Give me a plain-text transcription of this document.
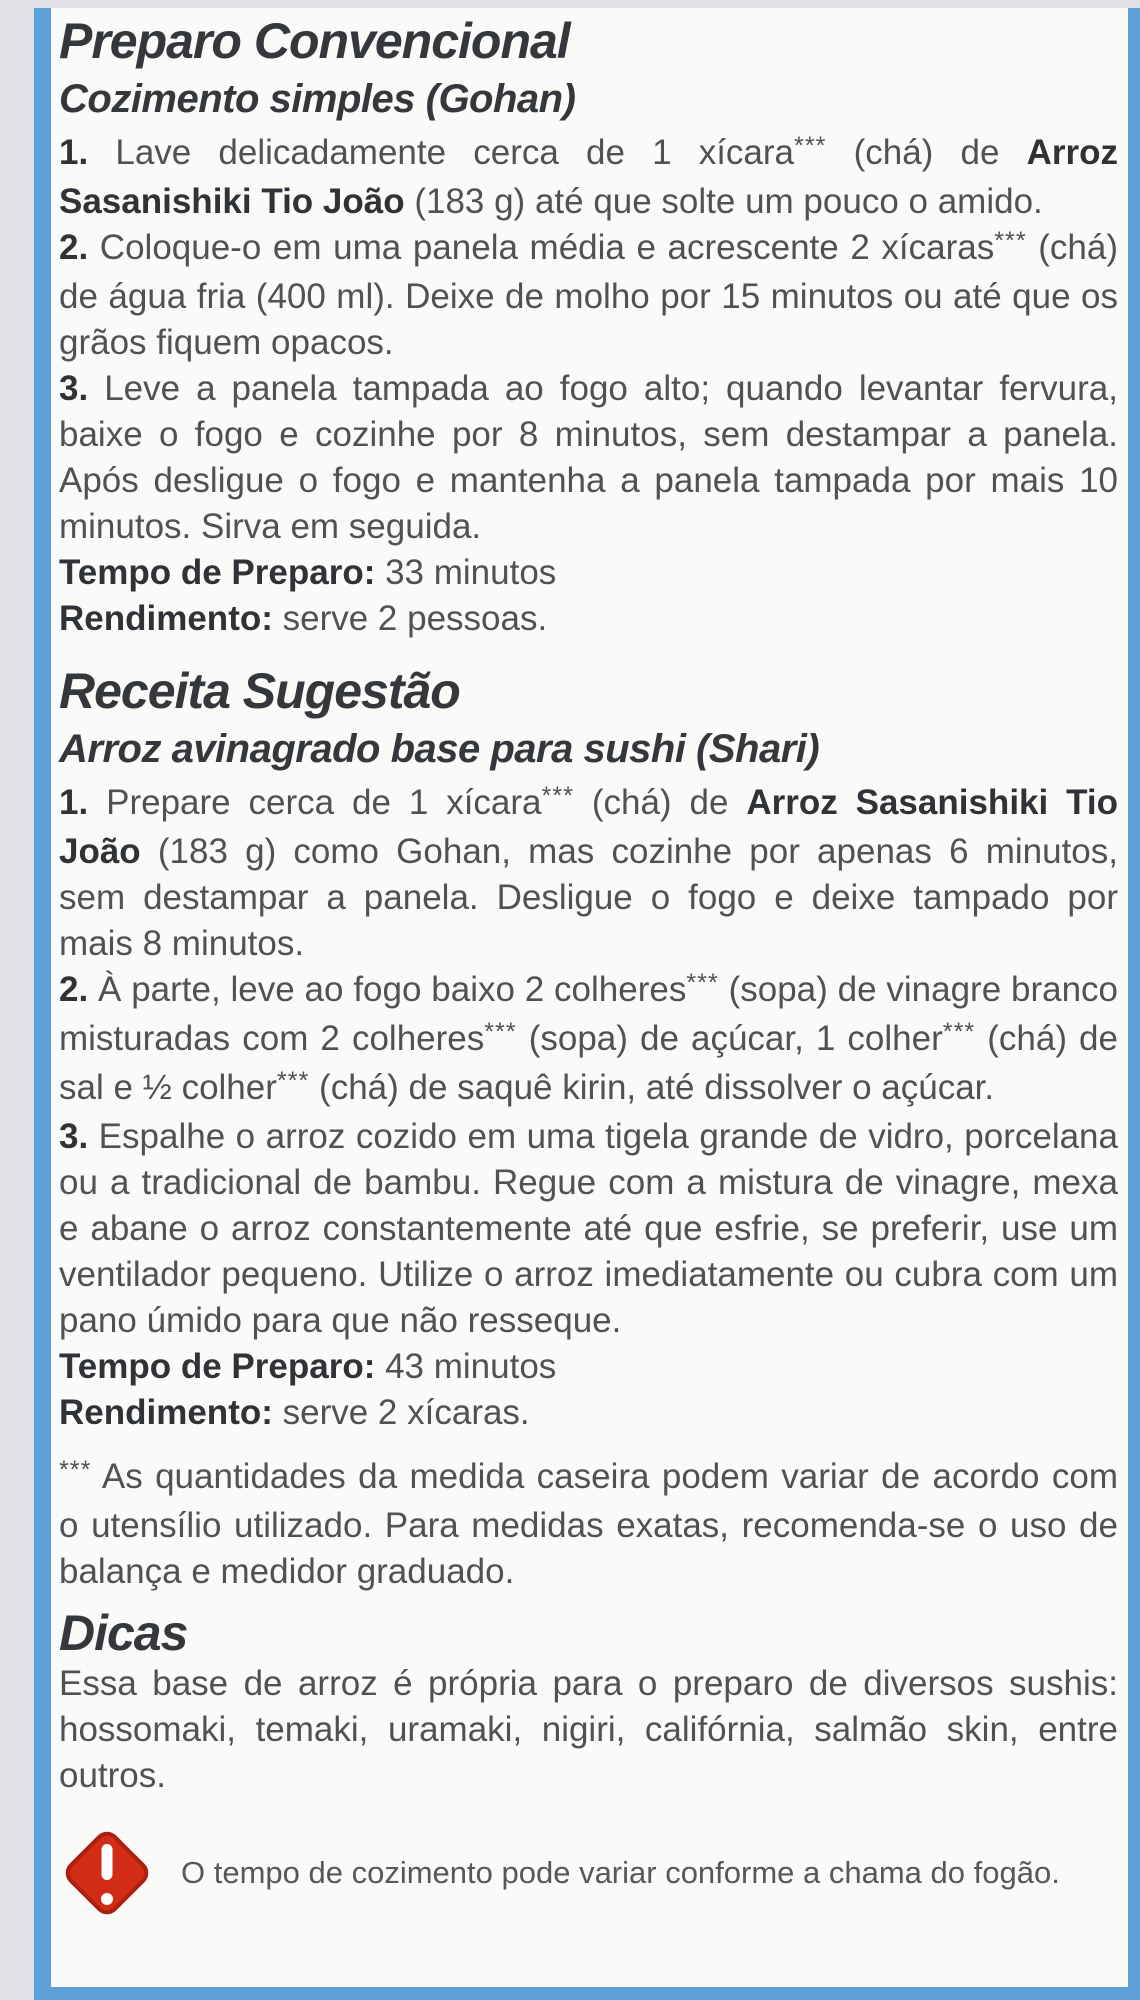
Preparo Convencional
Cozimento simples (Gohan)

1. Lave delicadamente cerca de 1 xícara*** (chá) de Arroz Sasanishiki Tio João (183 g) até que solte um pouco o amido.

2. Coloque-o em uma panela média e acrescente 2 xícaras*** (chá) de água fria (400 ml). Deixe de molho por 15 minutos ou até que os grãos fiquem opacos.

3. Leve a panela tampada ao fogo alto; quando levantar fervura, baixe o fogo e cozinhe por 8 minutos, sem destampar a panela. Após desligue o fogo e mantenha a panela tampada por mais 10 minutos. Sirva em seguida.

Tempo de Preparo: 33 minutos

Rendimento: serve 2 pessoas.

Receita Sugestão
Arroz avinagrado base para sushi (Shari)

1. Prepare cerca de 1 xícara*** (chá) de Arroz Sasanishiki Tio João (183 g) como Gohan, mas cozinhe por apenas 6 minutos, sem destampar a panela. Desligue o fogo e deixe tampado por mais 8 minutos.

2. À parte, leve ao fogo baixo 2 colheres*** (sopa) de vinagre branco misturadas com 2 colheres*** (sopa) de açúcar, 1 colher*** (chá) de sal e ½ colher*** (chá) de saquê kirin, até dissolver o açúcar.

3. Espalhe o arroz cozido em uma tigela grande de vidro, porcelana ou a tradicional de bambu. Regue com a mistura de vinagre, mexa e abane o arroz constantemente até que esfrie, se preferir, use um ventilador pequeno. Utilize o arroz imediatamente ou cubra com um pano úmido para que não resseque.

Tempo de Preparo: 43 minutos

Rendimento: serve 2 xícaras.

*** As quantidades da medida caseira podem variar de acordo com o utensílio utilizado. Para medidas exatas, recomenda-se o uso de balança e medidor graduado.

Dicas

Essa base de arroz é própria para o preparo de diversos sushis: hossomaki, temaki, uramaki, nigiri, califórnia, salmão skin, entre outros.

O tempo de cozimento pode variar conforme a chama do fogão.
